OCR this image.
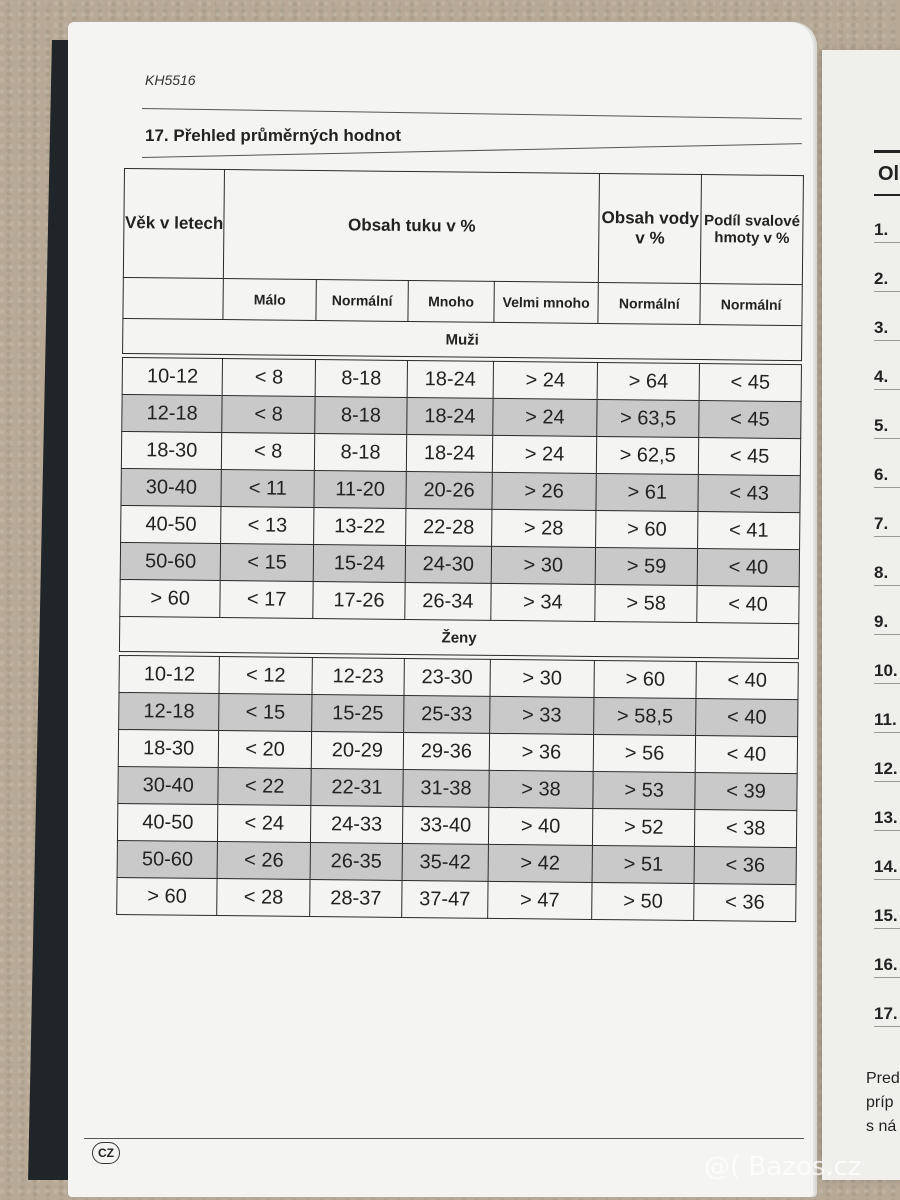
Ol
1.
2.
3.
4.
5.
6.
7.
8.
9.
10.
11.
12.
13.
14.
15.
16.
17.
Pred
príp
s ná
KH5516
17. Přehled průměrných hodnot
Věk v letech	Obsah tuku v %				Obsah vody v %	Podíl svalové hmoty v %
	Málo	Normální	Mnoho	Velmi mnoho	Normální	Normální
Muži						

10-12	< 8	8-18	18-24	> 24	> 64	< 45
12-18	< 8	8-18	18-24	> 24	> 63,5	< 45
18-30	< 8	8-18	18-24	> 24	> 62,5	< 45
30-40	< 11	11-20	20-26	> 26	> 61	< 43
40-50	< 13	13-22	22-28	> 28	> 60	< 41
50-60	< 15	15-24	24-30	> 30	> 59	< 40
> 60	< 17	17-26	26-34	> 34	> 58	< 40
Ženy						

10-12	< 12	12-23	23-30	> 30	> 60	< 40
12-18	< 15	15-25	25-33	> 33	> 58,5	< 40
18-30	< 20	20-29	29-36	> 36	> 56	< 40
30-40	< 22	22-31	31-38	> 38	> 53	< 39
40-50	< 24	24-33	33-40	> 40	> 52	< 38
50-60	< 26	26-35	35-42	> 42	> 51	< 36
> 60	< 28	28-37	37-47	> 47	> 50	< 36
CZ	@( Bazos.cz
